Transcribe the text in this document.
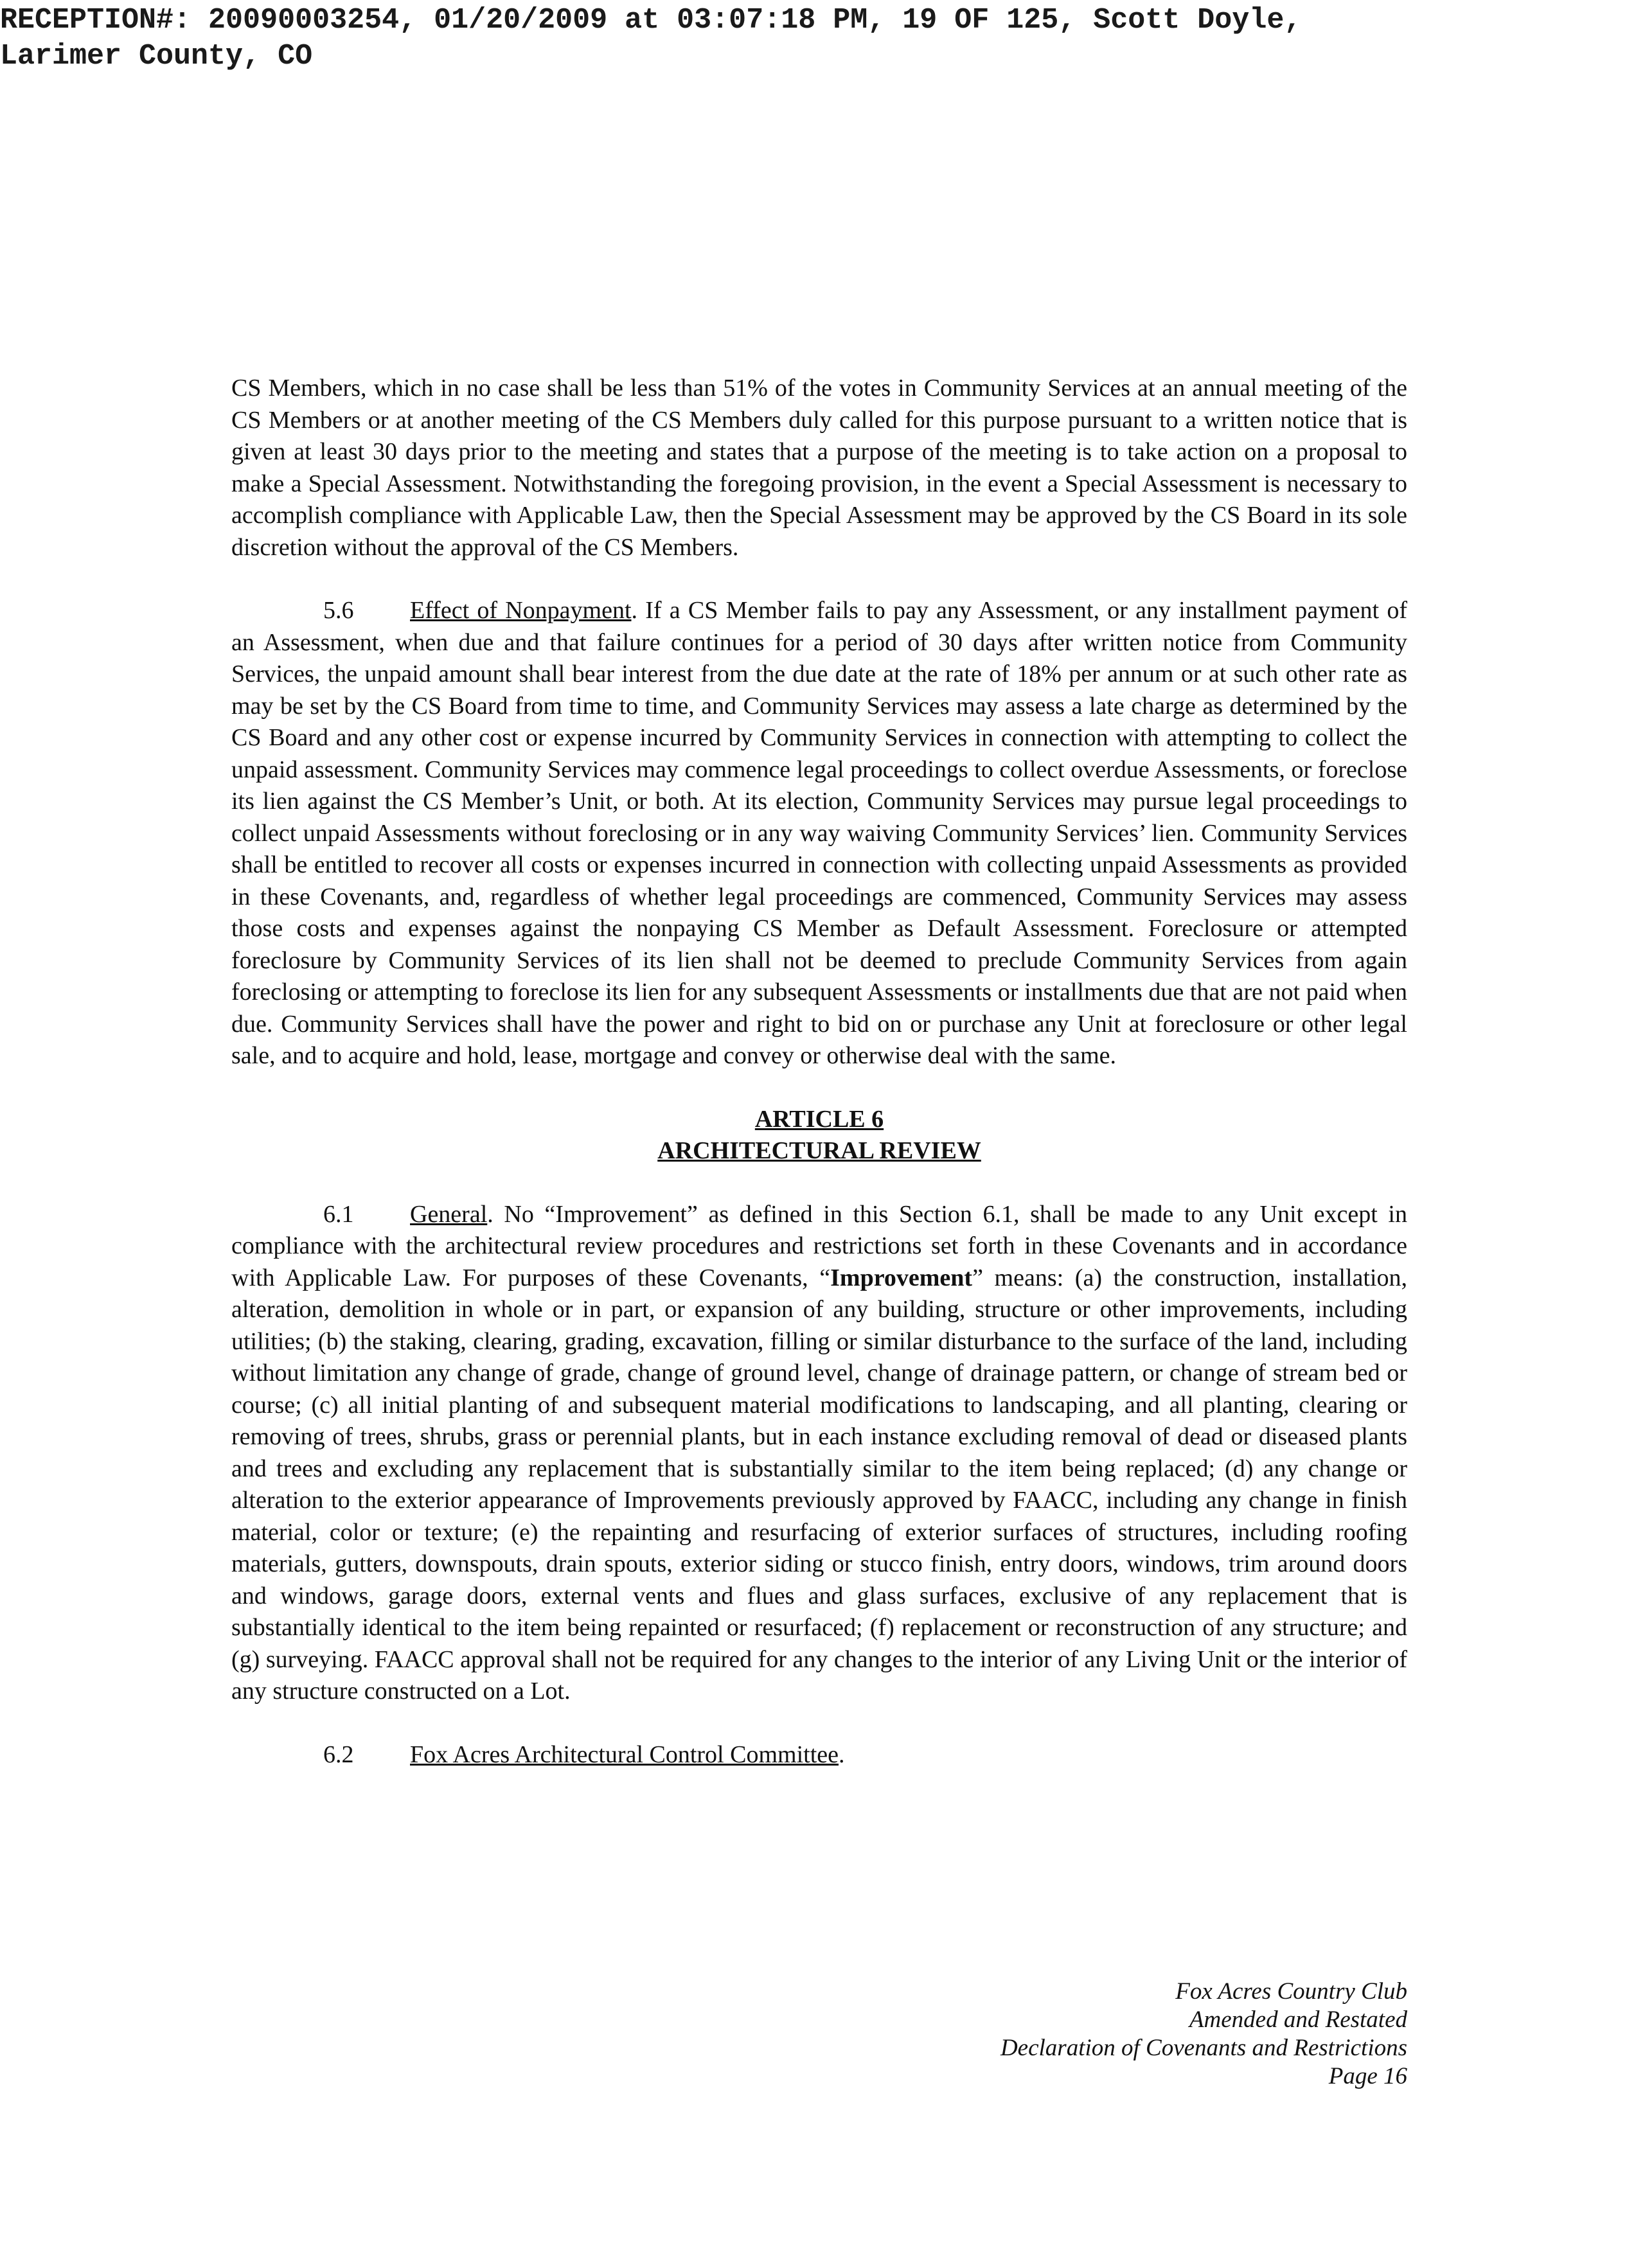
RECEPTION#: 20090003254, 01/20/2009 at 03:07:18 PM, 19 OF 125, Scott Doyle,
Larimer County, CO

CS Members, which in no case shall be less than 51% of the votes in Community Services at an annual meeting of the CS Members or at another meeting of the CS Members duly called for this purpose pursuant to a written notice that is given at least 30 days prior to the meeting and states that a purpose of the meeting is to take action on a proposal to make a Special Assessment. Notwithstanding the foregoing provision, in the event a Special Assessment is necessary to accomplish compliance with Applicable Law, then the Special Assessment may be approved by the CS Board in its sole discretion without the approval of the CS Members.

5.6 Effect of Nonpayment. If a CS Member fails to pay any Assessment, or any installment payment of an Assessment, when due and that failure continues for a period of 30 days after written notice from Community Services, the unpaid amount shall bear interest from the due date at the rate of 18% per annum or at such other rate as may be set by the CS Board from time to time, and Community Services may assess a late charge as determined by the CS Board and any other cost or expense incurred by Community Services in connection with attempting to collect the unpaid assessment. Community Services may commence legal proceedings to collect overdue Assessments, or foreclose its lien against the CS Member’s Unit, or both. At its election, Community Services may pursue legal proceedings to collect unpaid Assessments without foreclosing or in any way waiving Community Services’ lien. Community Services shall be entitled to recover all costs or expenses incurred in connection with collecting unpaid Assessments as provided in these Covenants, and, regardless of whether legal proceedings are commenced, Community Services may assess those costs and expenses against the nonpaying CS Member as Default Assessment. Foreclosure or attempted foreclosure by Community Services of its lien shall not be deemed to preclude Community Services from again foreclosing or attempting to foreclose its lien for any subsequent Assessments or installments due that are not paid when due. Community Services shall have the power and right to bid on or purchase any Unit at foreclosure or other legal sale, and to acquire and hold, lease, mortgage and convey or otherwise deal with the same.

ARTICLE 6
ARCHITECTURAL REVIEW

6.1 General. No “Improvement” as defined in this Section 6.1, shall be made to any Unit except in compliance with the architectural review procedures and restrictions set forth in these Covenants and in accordance with Applicable Law. For purposes of these Covenants, “Improvement” means: (a) the construction, installation, alteration, demolition in whole or in part, or expansion of any building, structure or other improvements, including utilities; (b) the staking, clearing, grading, excavation, filling or similar disturbance to the surface of the land, including without limitation any change of grade, change of ground level, change of drainage pattern, or change of stream bed or course; (c) all initial planting of and subsequent material modifications to landscaping, and all planting, clearing or removing of trees, shrubs, grass or perennial plants, but in each instance excluding removal of dead or diseased plants and trees and excluding any replacement that is substantially similar to the item being replaced; (d) any change or alteration to the exterior appearance of Improvements previously approved by FAACC, including any change in finish material, color or texture; (e) the repainting and resurfacing of exterior surfaces of structures, including roofing materials, gutters, downspouts, drain spouts, exterior siding or stucco finish, entry doors, windows, trim around doors and windows, garage doors, external vents and flues and glass surfaces, exclusive of any replacement that is substantially identical to the item being repainted or resurfaced; (f) replacement or reconstruction of any structure; and (g) surveying. FAACC approval shall not be required for any changes to the interior of any Living Unit or the interior of any structure constructed on a Lot.

6.2 Fox Acres Architectural Control Committee.

Fox Acres Country Club
Amended and Restated
Declaration of Covenants and Restrictions
Page 16
